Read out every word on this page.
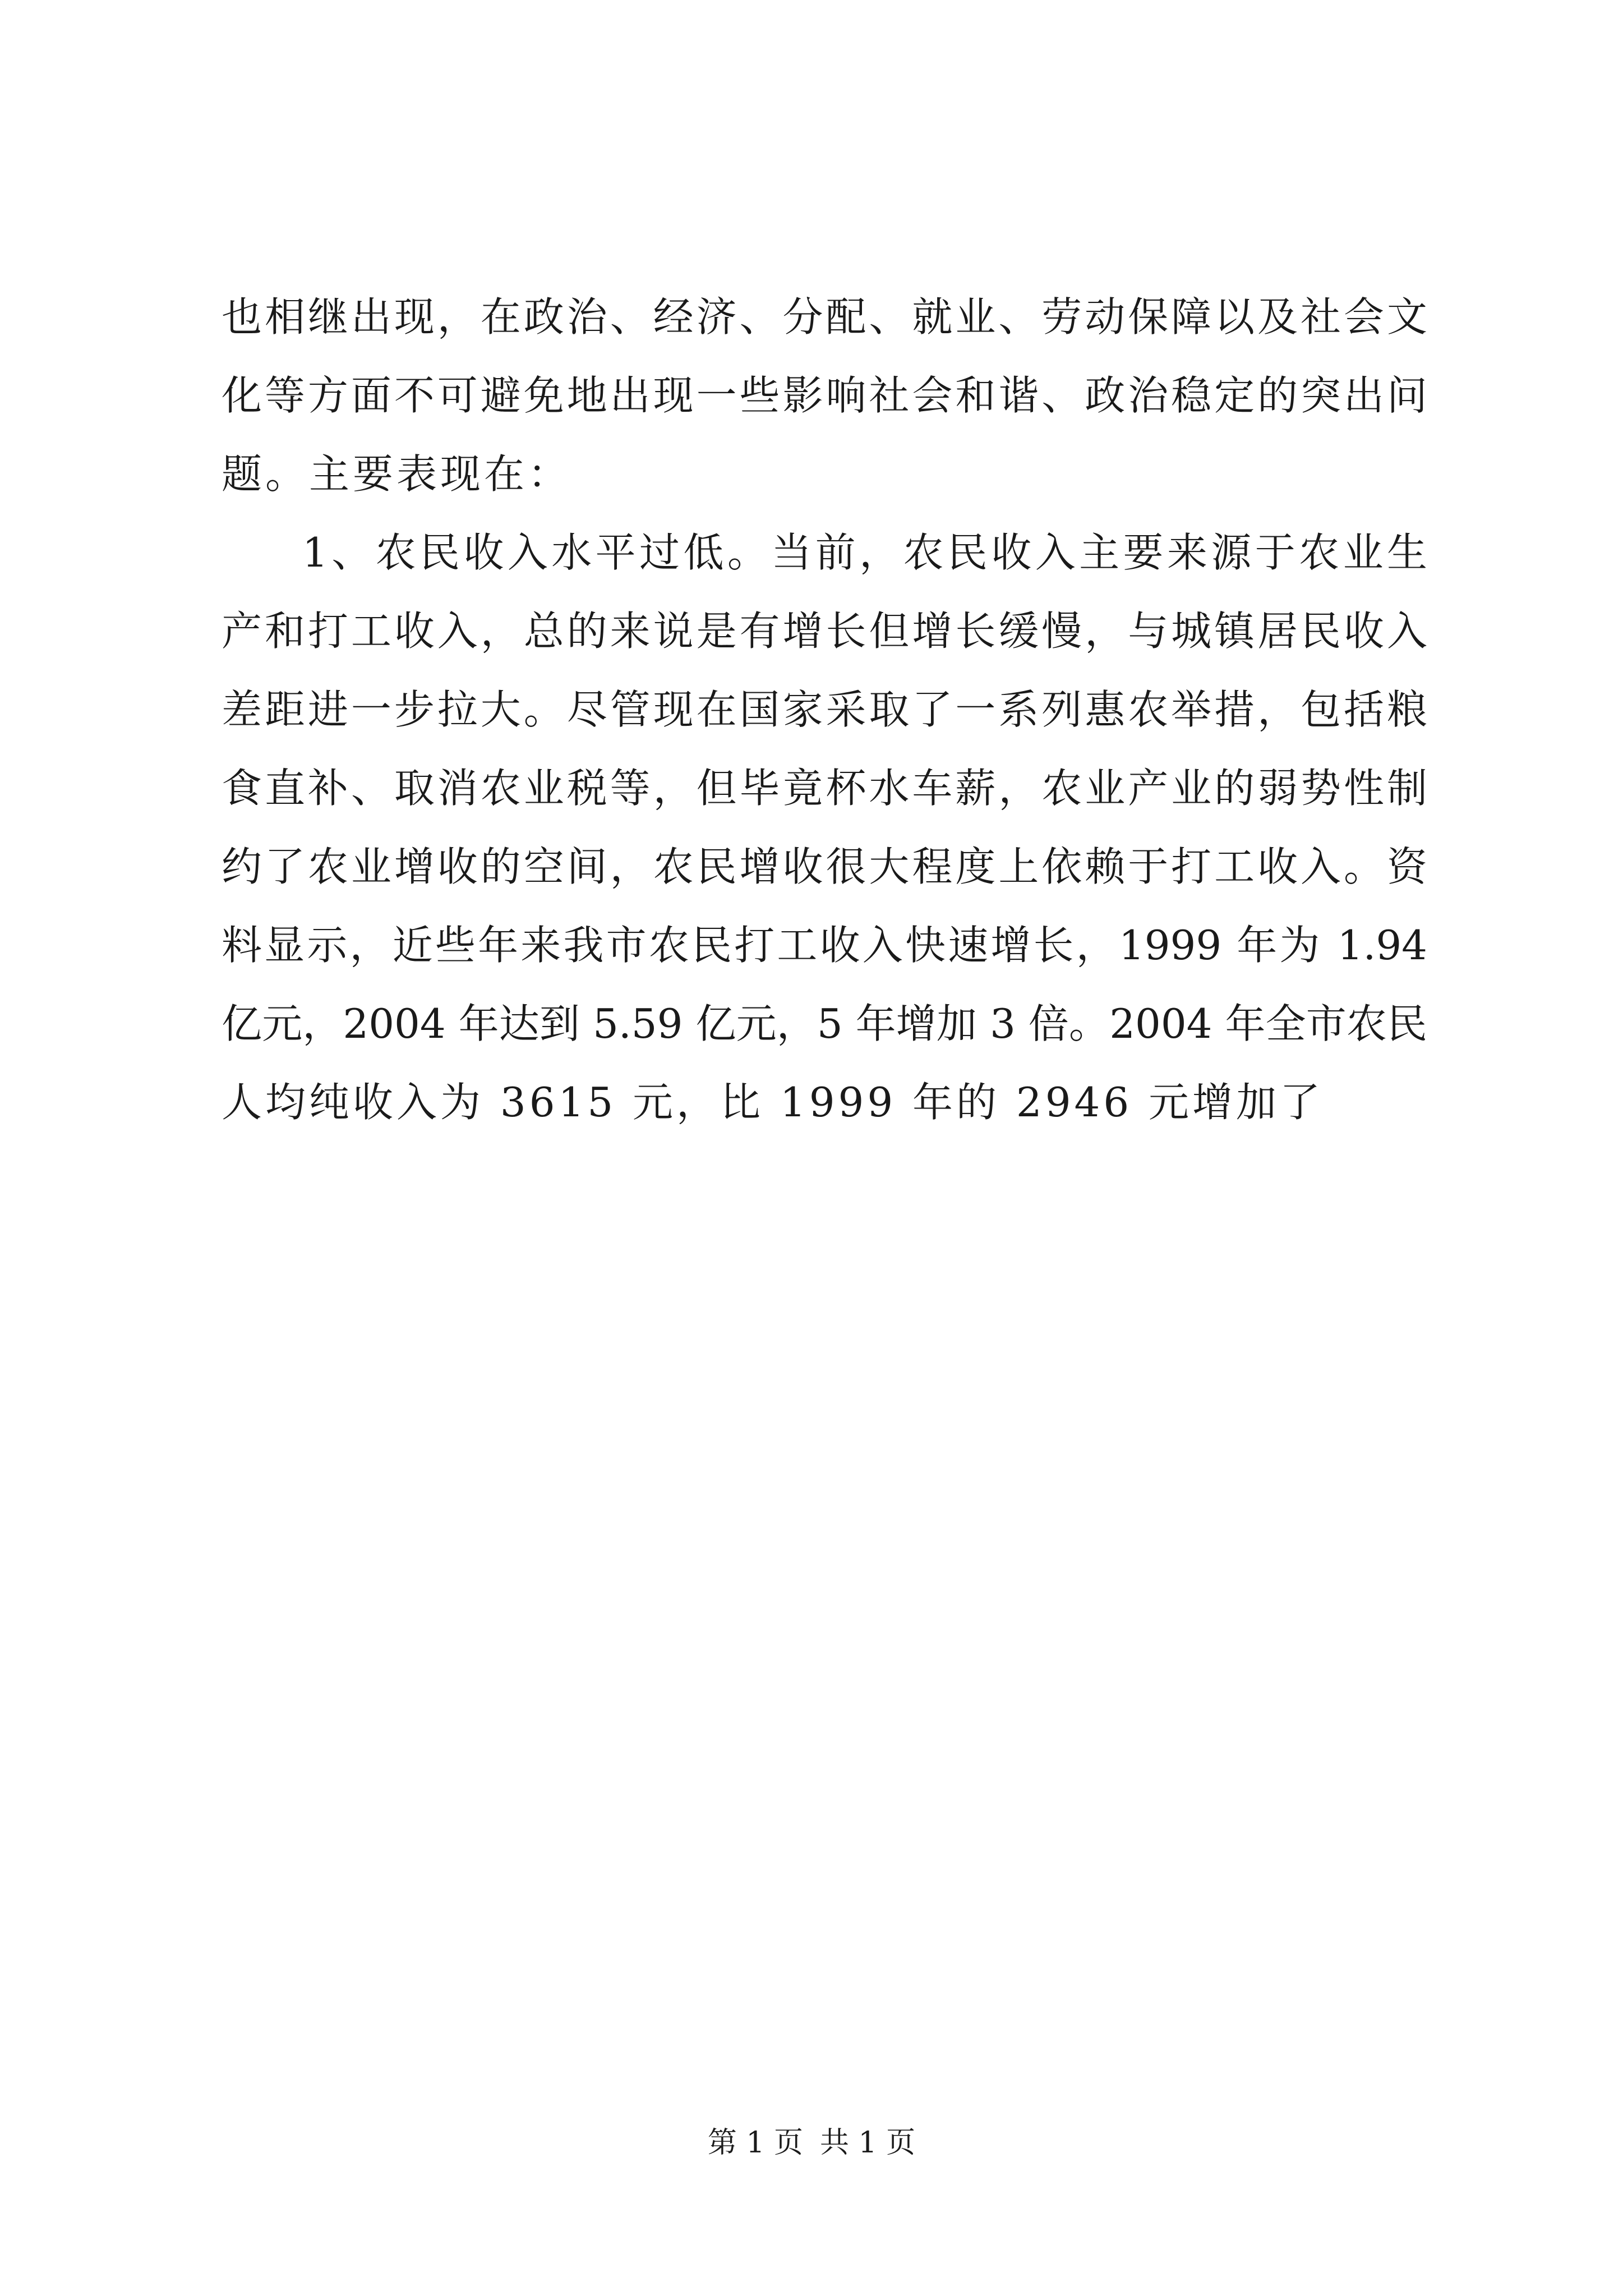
也相继出现，在政治、经济、分配、就业、劳动保障以及社会文
化等方面不可避免地出现一些影响社会和谐、政治稳定的突出问
题。主要表现在：
1、农民收入水平过低。当前，农民收入主要来源于农业生
产和打工收入，总的来说是有增长但增长缓慢，与城镇居民收入
差距进一步拉大。尽管现在国家采取了一系列惠农举措，包括粮
食直补、取消农业税等，但毕竟杯水车薪，农业产业的弱势性制
约了农业增收的空间，农民增收很大程度上依赖于打工收入。资
料显示，近些年来我市农民打工收入快速增长，1999 年为 1.94
亿元，2004 年达到 5.59 亿元，5 年增加 3 倍。2004 年全市农民
人均纯收入为 3615 元，比 1999 年的 2946 元增加了
第 1 页 共 1 页
